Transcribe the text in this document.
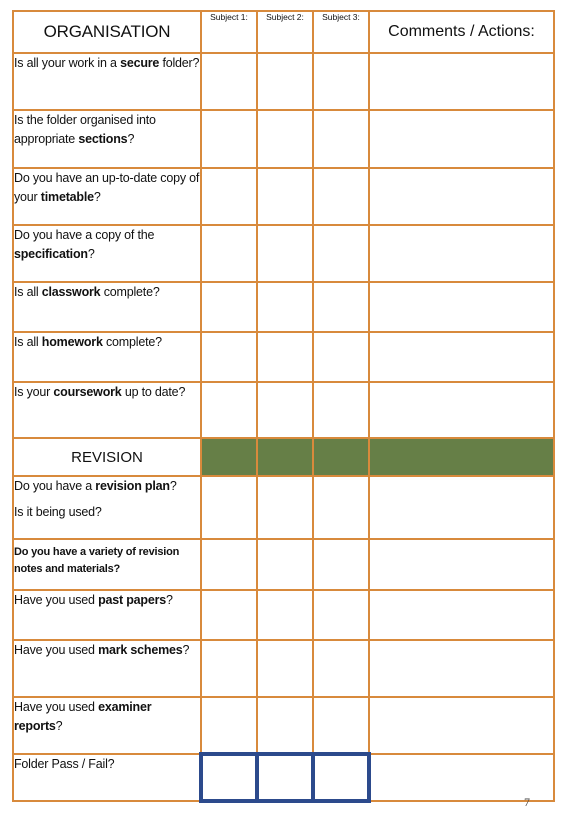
ORGANISATION	Subject 1:	Subject 2:	Subject 3:	Comments / Actions:
Is all your work in a secure folder?				
Is the folder organised into appropriate sections?				
Do you have an up-to-date copy of your timetable?				
Do you have a copy of the specification?				
Is all classwork complete?				
Is all homework complete?				
Is your coursework up to date?				
REVISION				
Do you have a revision plan?
Is it being used?				

Do you have a variety of revision notes and materials?				
Have you used past papers?				
Have you used mark schemes?				
Have you used examiner reports?				
Folder Pass / Fail?				
7
